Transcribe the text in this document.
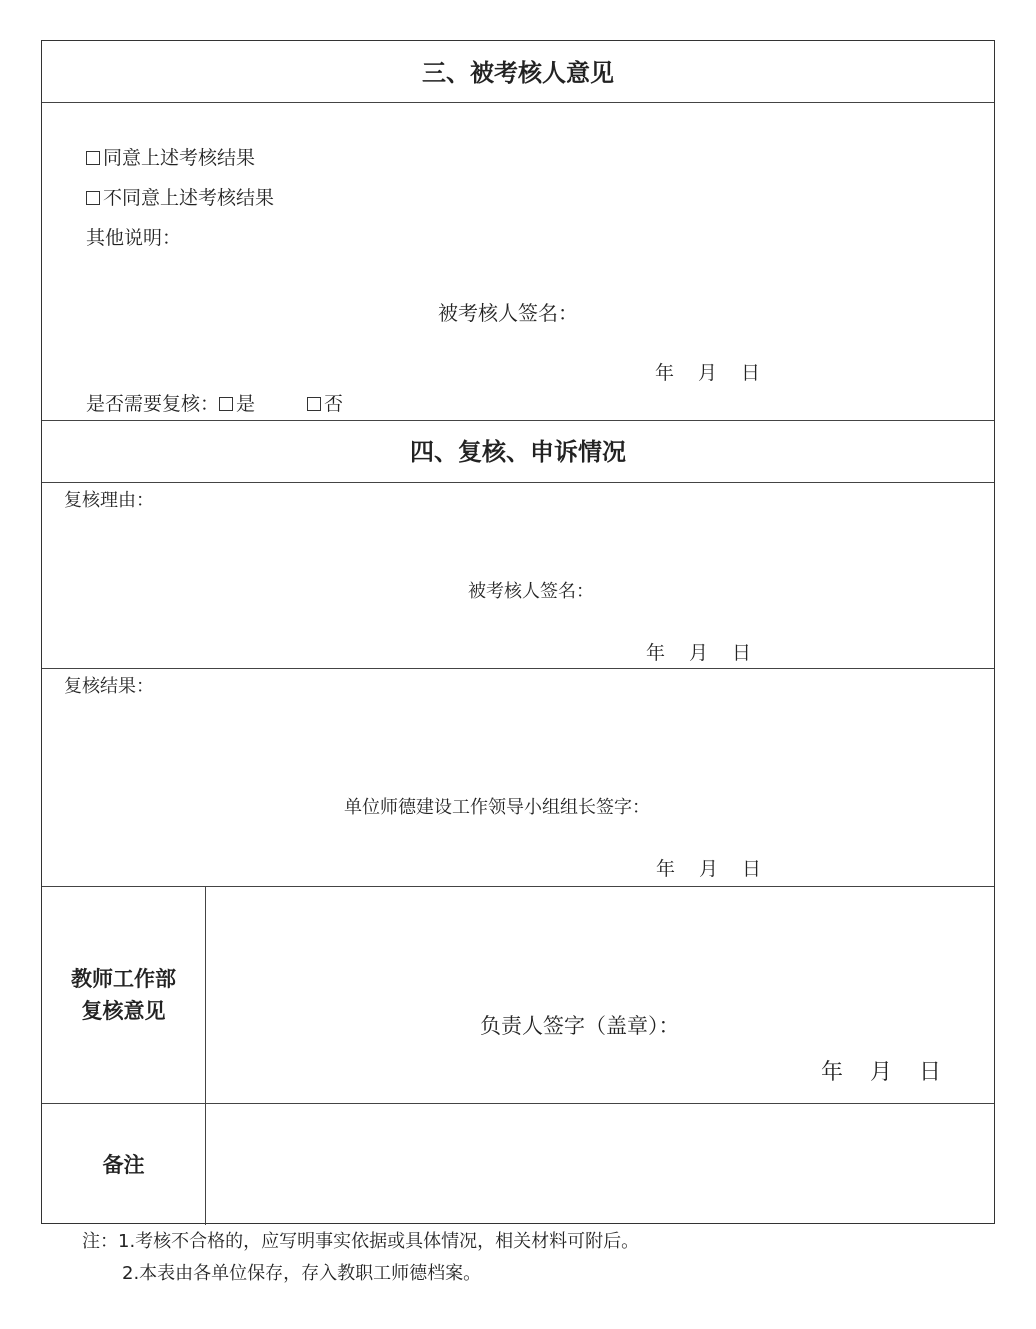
三、被考核人意见
同意上述考核结果
不同意上述考核结果
其他说明：
被考核人签名：
年 月 日
是否需要复核： 是	否
四、复核、申诉情况
复核理由：
被考核人签名：
年 月 日
复核结果：
单位师德建设工作领导小组组长签字：
年 月 日
教师工作部
复核意见
负责人签字（盖章）：
年 月 日
备注
注：1.考核不合格的，应写明事实依据或具体情况，相关材料可附后。
2.本表由各单位保存，存入教职工师德档案。
